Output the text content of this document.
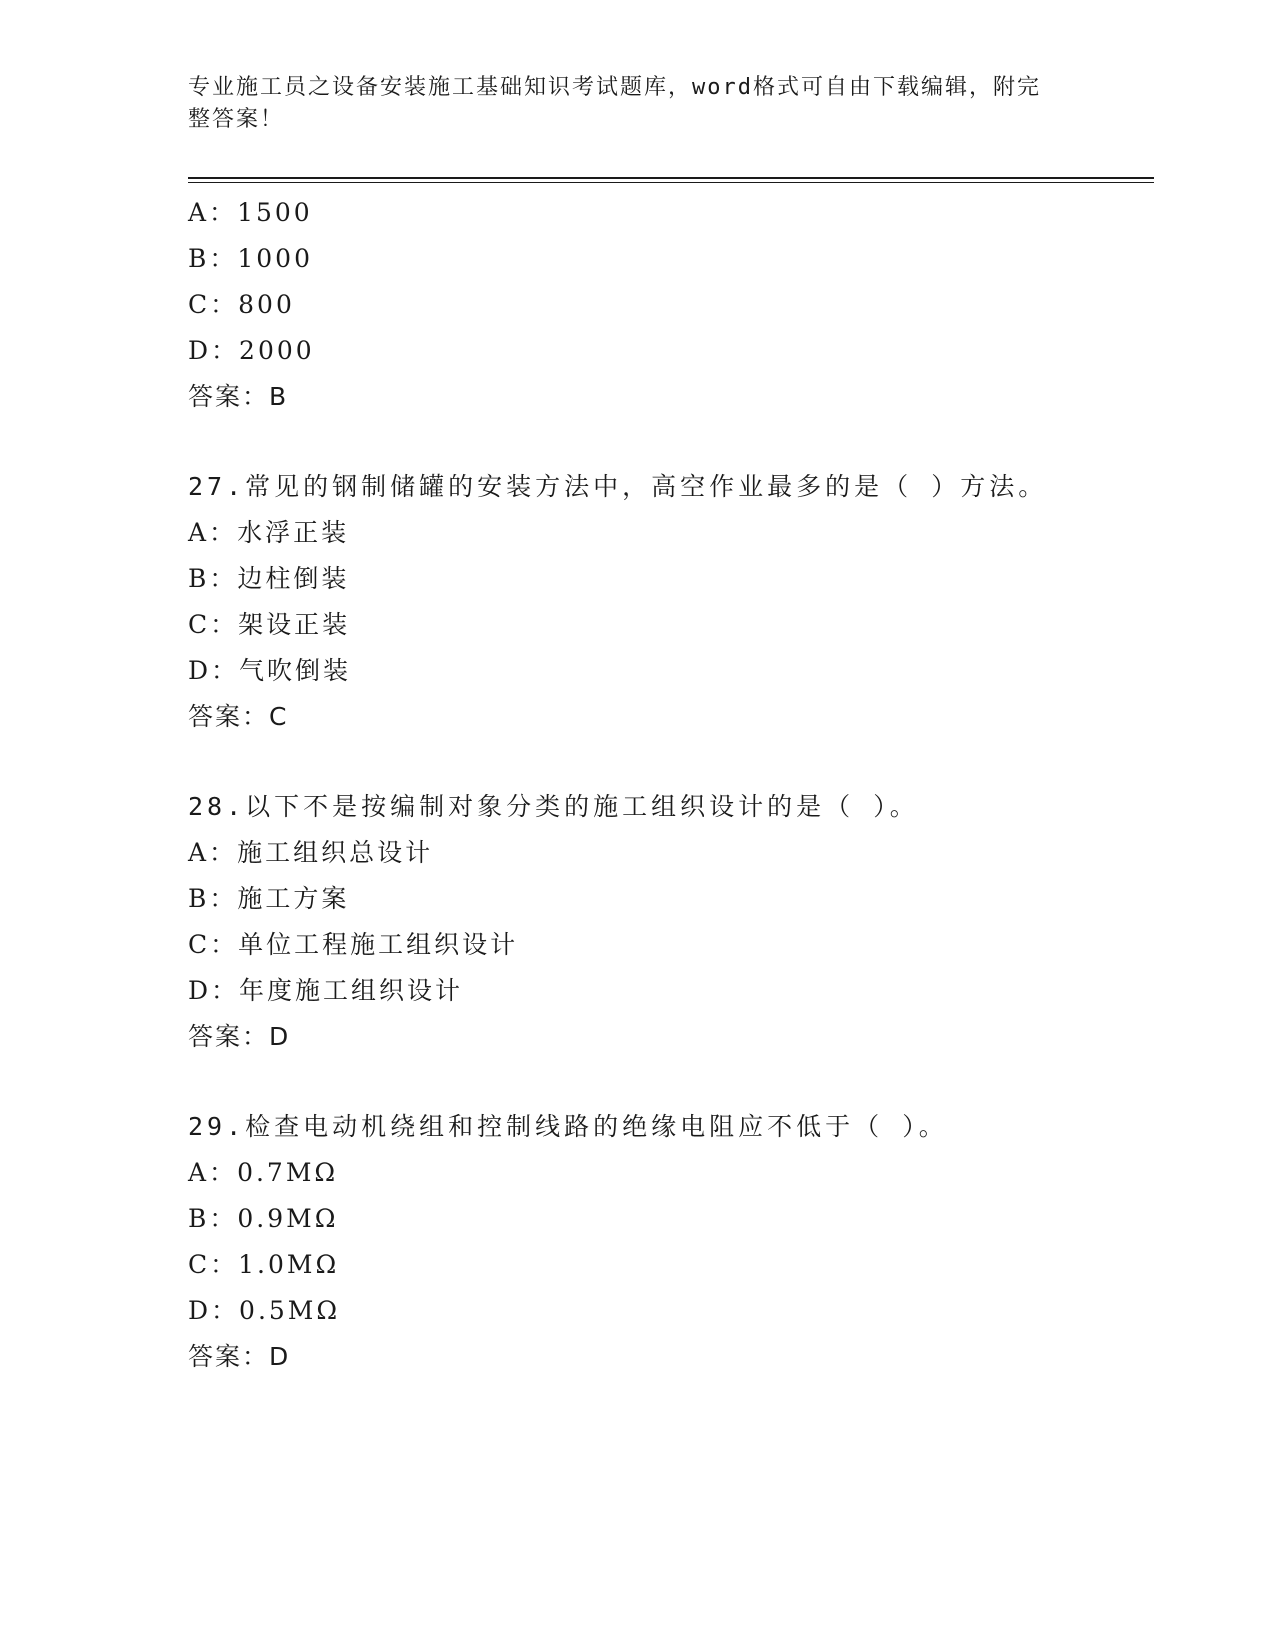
专业施工员之设备安装施工基础知识考试题库，word格式可自由下载编辑，附完
整答案！
A：1500
B：1000
C：800
D：2000
答案：B
27.常见的钢制储罐的安装方法中，高空作业最多的是（ ）方法。
A：水浮正装
B：边柱倒装
C：架设正装
D：气吹倒装
答案：C
28.以下不是按编制对象分类的施工组织设计的是（ ）。
A：施工组织总设计
B：施工方案
C：单位工程施工组织设计
D：年度施工组织设计
答案：D
29.检查电动机绕组和控制线路的绝缘电阻应不低于（ ）。
A：0.7MΩ
B：0.9MΩ
C：1.0MΩ
D：0.5MΩ
答案：D
